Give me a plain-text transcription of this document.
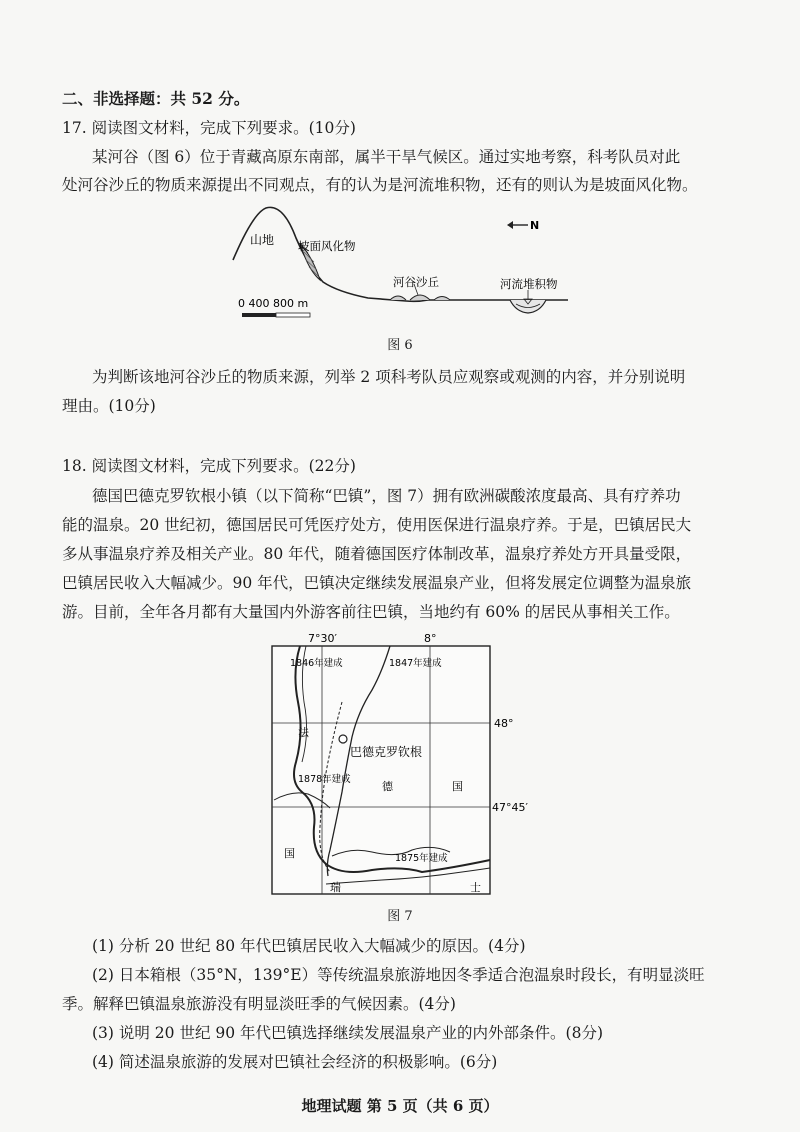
二、非选择题：共 52 分。
17. 阅读图文材料，完成下列要求。(10分)
某河谷（图 6）位于青藏高原东南部，属半干旱气候区。通过实地考察，科考队员对此
处河谷沙丘的物质来源提出不同观点，有的认为是河流堆积物，还有的则认为是坡面风化物。
山地 坡面风化物
河谷沙丘	河流堆积物
N
0 400 800 m
图 6
为判断该地河谷沙丘的物质来源，列举 2 项科考队员应观察或观测的内容，并分别说明
理由。(10分)
18. 阅读图文材料，完成下列要求。(22分)
德国巴德克罗钦根小镇（以下简称“巴镇”，图 7）拥有欧洲碳酸浓度最高、具有疗养功
能的温泉。20 世纪初，德国居民可凭医疗处方，使用医保进行温泉疗养。于是，巴镇居民大
多从事温泉疗养及相关产业。80 年代，随着德国医疗体制改革，温泉疗养处方开具量受限，
巴镇居民收入大幅减少。90 年代，巴镇决定继续发展温泉产业，但将发展定位调整为温泉旅
游。目前，全年各月都有大量国内外游客前往巴镇，当地约有 60% 的居民从事相关工作。
7°30′	8°
48°
47°45′
1846年建成	1847年建成
1878年建成
1875年建成
巴德克罗钦根
法
国
德	国
瑞	士
图 7
(1) 分析 20 世纪 80 年代巴镇居民收入大幅减少的原因。(4分)
(2) 日本箱根（35°N，139°E）等传统温泉旅游地因冬季适合泡温泉时段长，有明显淡旺
季。解释巴镇温泉旅游没有明显淡旺季的气候因素。(4分)
(3) 说明 20 世纪 90 年代巴镇选择继续发展温泉产业的内外部条件。(8分)
(4) 简述温泉旅游的发展对巴镇社会经济的积极影响。(6分)
地理试题 第 5 页（共 6 页）
